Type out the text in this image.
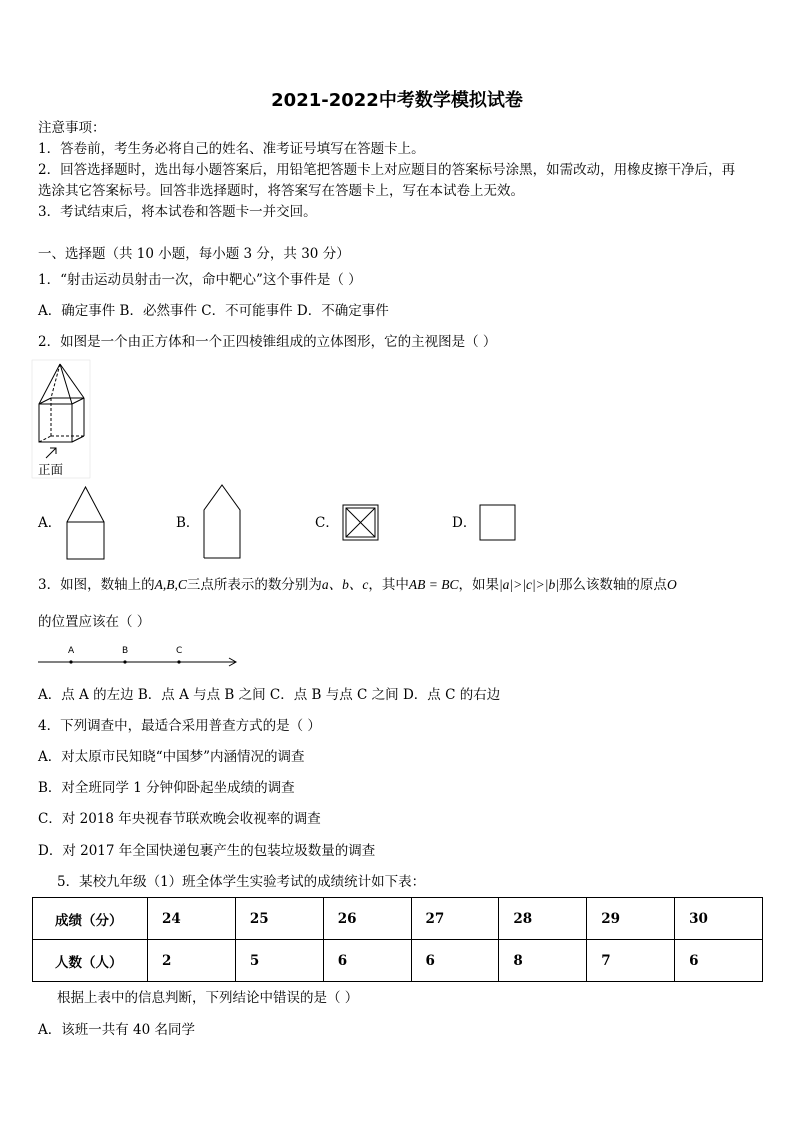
2021-2022中考数学模拟试卷
注意事项：
1．答卷前，考生务必将自己的姓名、准考证号填写在答题卡上。
2．回答选择题时，选出每小题答案后，用铅笔把答题卡上对应题目的答案标号涂黑，如需改动，用橡皮擦干净后，再
选涂其它答案标号。回答非选择题时，将答案写在答题卡上，写在本试卷上无效。
3．考试结束后，将本试卷和答题卡一并交回。
一、选择题（共 10 小题，每小题 3 分，共 30 分）
1．“射击运动员射击一次，命中靶心”这个事件是（ ）
A．确定事件 B．必然事件 C．不可能事件 D．不确定事件
2．如图是一个由正方体和一个正四棱锥组成的立体图形，它的主视图是（ ）
正面
A．	B．	C．	D．
3．如图，数轴上的A,B,C三点所表示的数分别为a、b、c，其中AB = BC，如果|a|>|c|>|b|那么该数轴的原点O
的位置应该在（ ）
A	B	C
A．点 A 的左边 B．点 A 与点 B 之间 C．点 B 与点 C 之间 D．点 C 的右边
4．下列调查中，最适合采用普查方式的是（ ）
A．对太原市民知晓“中国梦”内涵情况的调查
B．对全班同学 1 分钟仰卧起坐成绩的调查
C．对 2018 年央视春节联欢晚会收视率的调查
D．对 2017 年全国快递包裹产生的包装垃圾数量的调查
5．某校九年级（1）班全体学生实验考试的成绩统计如下表：
成绩（分）	24	25	26	27	28	29	30
人数（人）	2	5	6	6	8	7	6
根据上表中的信息判断，下列结论中错误的是（ ）
A．该班一共有 40 名同学
